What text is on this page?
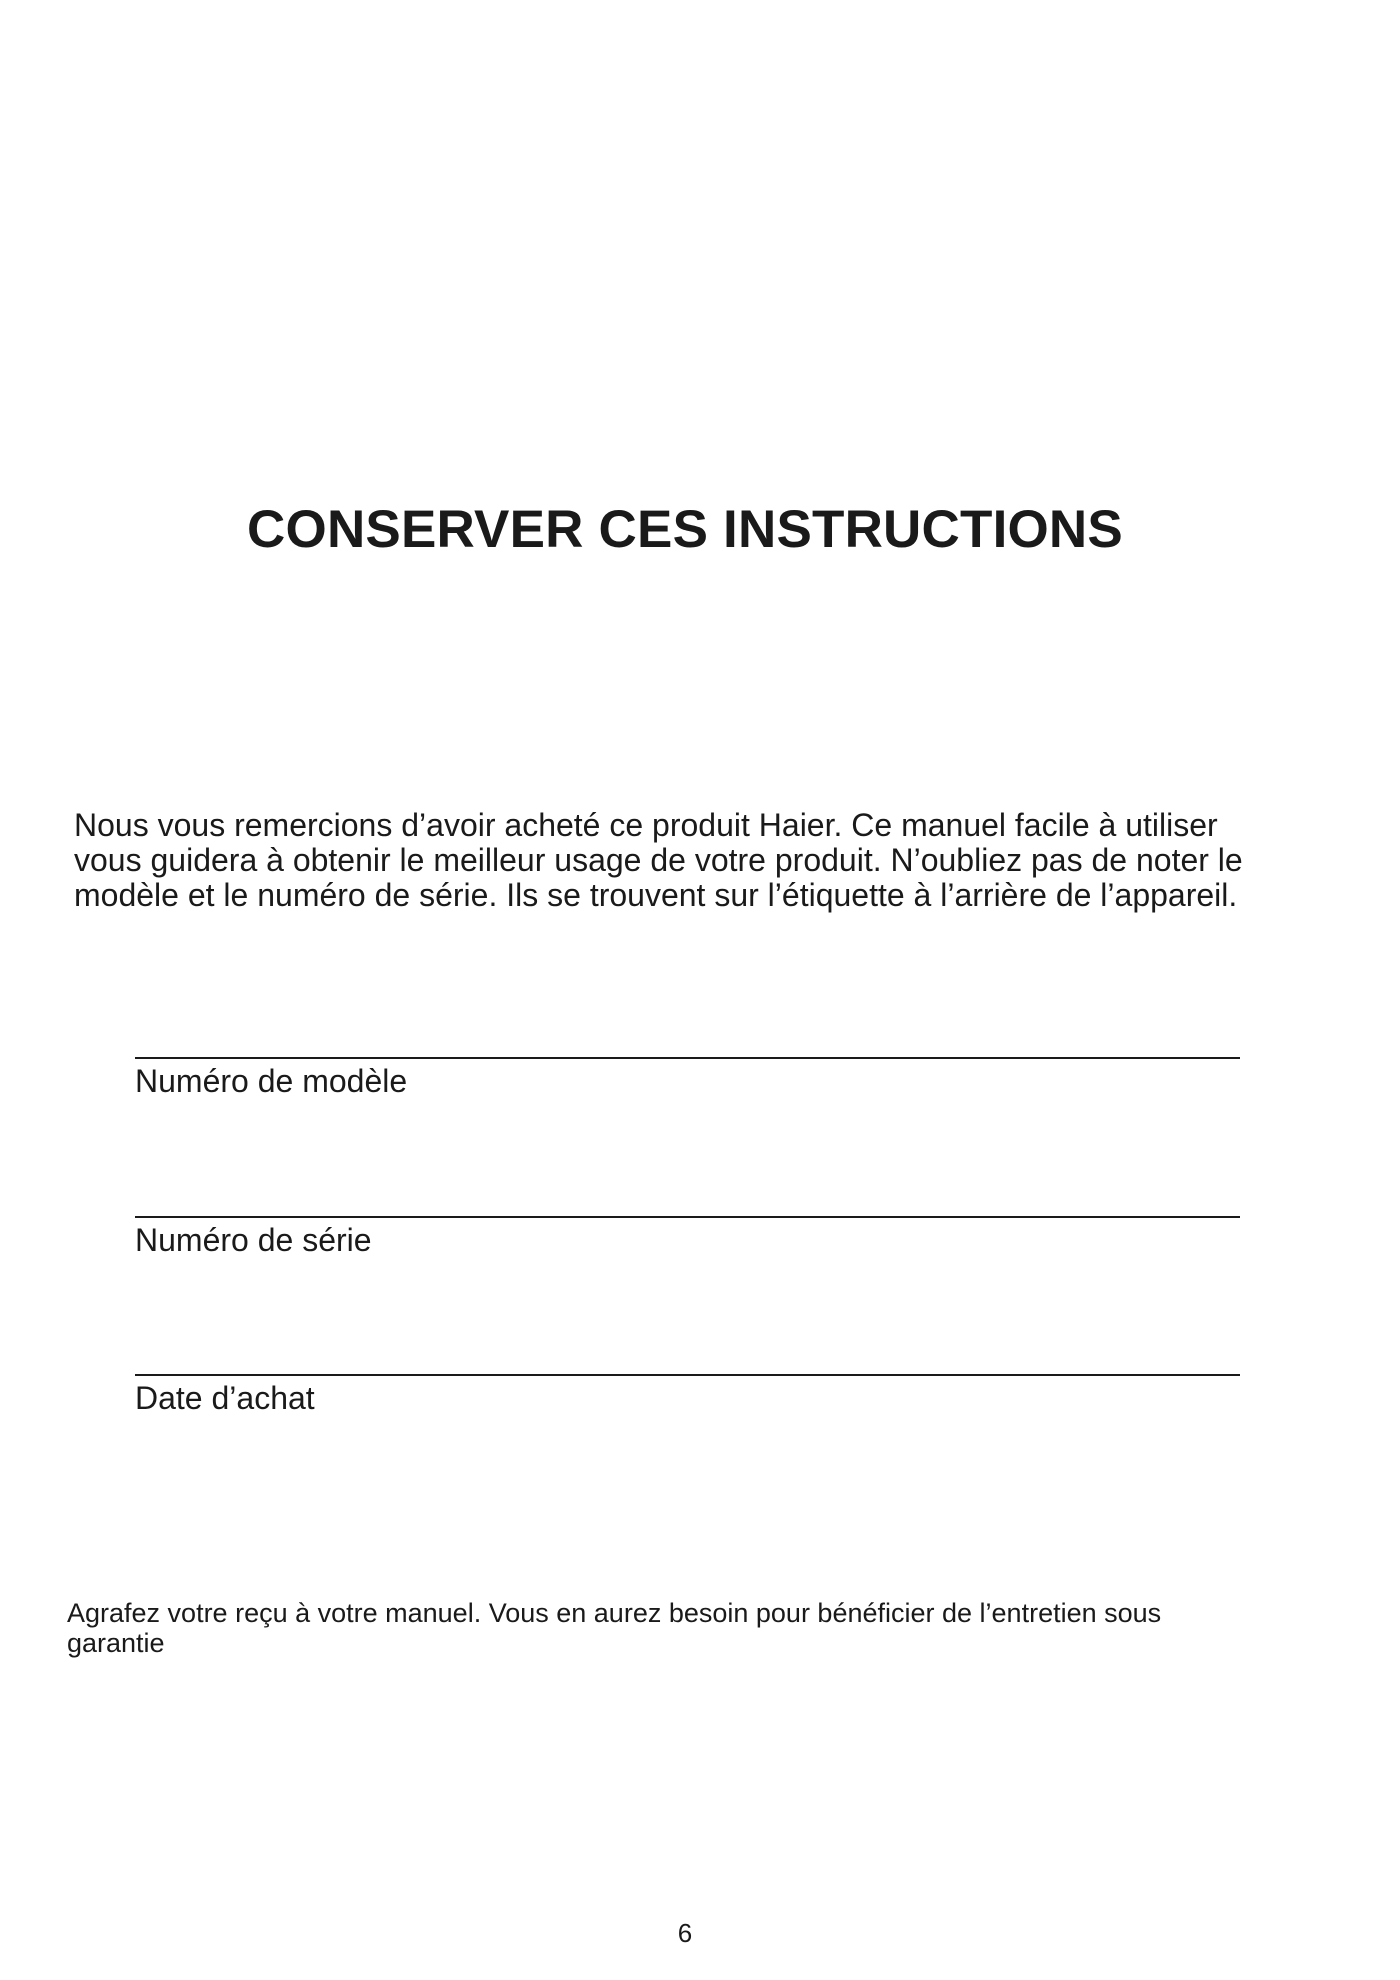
CONSERVER CES INSTRUCTIONS
Nous vous remercions d’avoir acheté ce produit Haier. Ce manuel facile à utiliser
vous guidera à obtenir le meilleur usage de votre produit. N’oubliez pas de noter le
modèle et le numéro de série. Ils se trouvent sur l’étiquette à l’arrière de l’appareil.
Numéro de modèle
Numéro de série
Date d’achat
Agrafez votre reçu à votre manuel. Vous en aurez besoin pour bénéficier de l’entretien sous
garantie
6
